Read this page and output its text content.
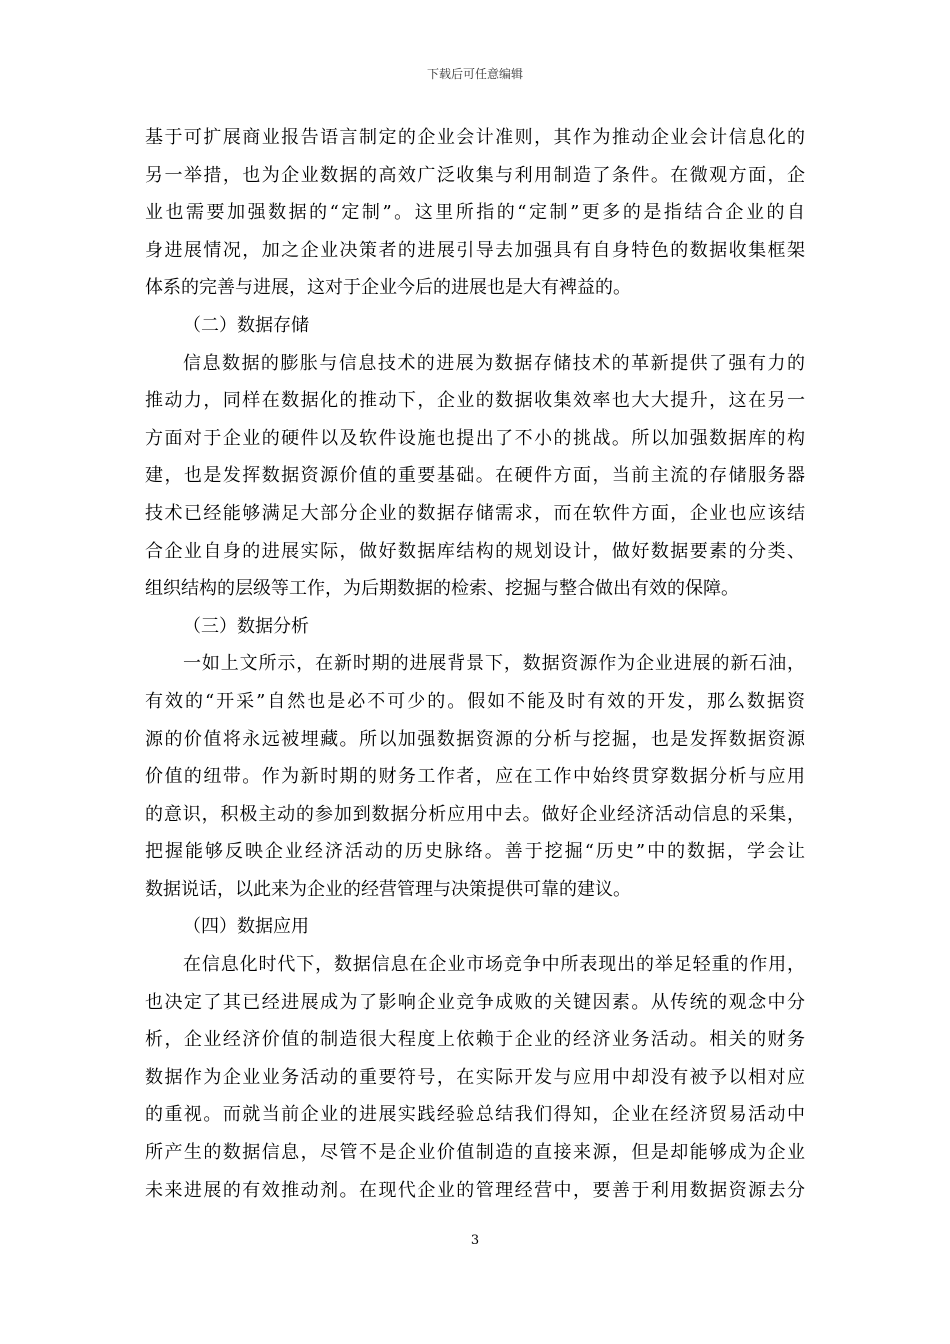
下载后可任意编辑
基于可扩展商业报告语言制定的企业会计准则，其作为推动企业会计信息化的
另一举措，也为企业数据的高效广泛收集与利用制造了条件。在微观方面，企
业也需要加强数据的“定制”。这里所指的“定制”更多的是指结合企业的自
身进展情况，加之企业决策者的进展引导去加强具有自身特色的数据收集框架
体系的完善与进展，这对于企业今后的进展也是大有裨益的。
（二）数据存储
信息数据的膨胀与信息技术的进展为数据存储技术的革新提供了强有力的
推动力，同样在数据化的推动下，企业的数据收集效率也大大提升，这在另一
方面对于企业的硬件以及软件设施也提出了不小的挑战。所以加强数据库的构
建，也是发挥数据资源价值的重要基础。在硬件方面，当前主流的存储服务器
技术已经能够满足大部分企业的数据存储需求，而在软件方面，企业也应该结
合企业自身的进展实际，做好数据库结构的规划设计，做好数据要素的分类、
组织结构的层级等工作，为后期数据的检索、挖掘与整合做出有效的保障。
（三）数据分析
一如上文所示，在新时期的进展背景下，数据资源作为企业进展的新石油，
有效的“开采”自然也是必不可少的。假如不能及时有效的开发，那么数据资
源的价值将永远被埋藏。所以加强数据资源的分析与挖掘，也是发挥数据资源
价值的纽带。作为新时期的财务工作者，应在工作中始终贯穿数据分析与应用
的意识，积极主动的参加到数据分析应用中去。做好企业经济活动信息的采集，
把握能够反映企业经济活动的历史脉络。善于挖掘“历史”中的数据，学会让
数据说话，以此来为企业的经营管理与决策提供可靠的建议。
（四）数据应用
在信息化时代下，数据信息在企业市场竞争中所表现出的举足轻重的作用，
也决定了其已经进展成为了影响企业竞争成败的关键因素。从传统的观念中分
析，企业经济价值的制造很大程度上依赖于企业的经济业务活动。相关的财务
数据作为企业业务活动的重要符号，在实际开发与应用中却没有被予以相对应
的重视。而就当前企业的进展实践经验总结我们得知，企业在经济贸易活动中
所产生的数据信息，尽管不是企业价值制造的直接来源，但是却能够成为企业
未来进展的有效推动剂。在现代企业的管理经营中，要善于利用数据资源去分
3
